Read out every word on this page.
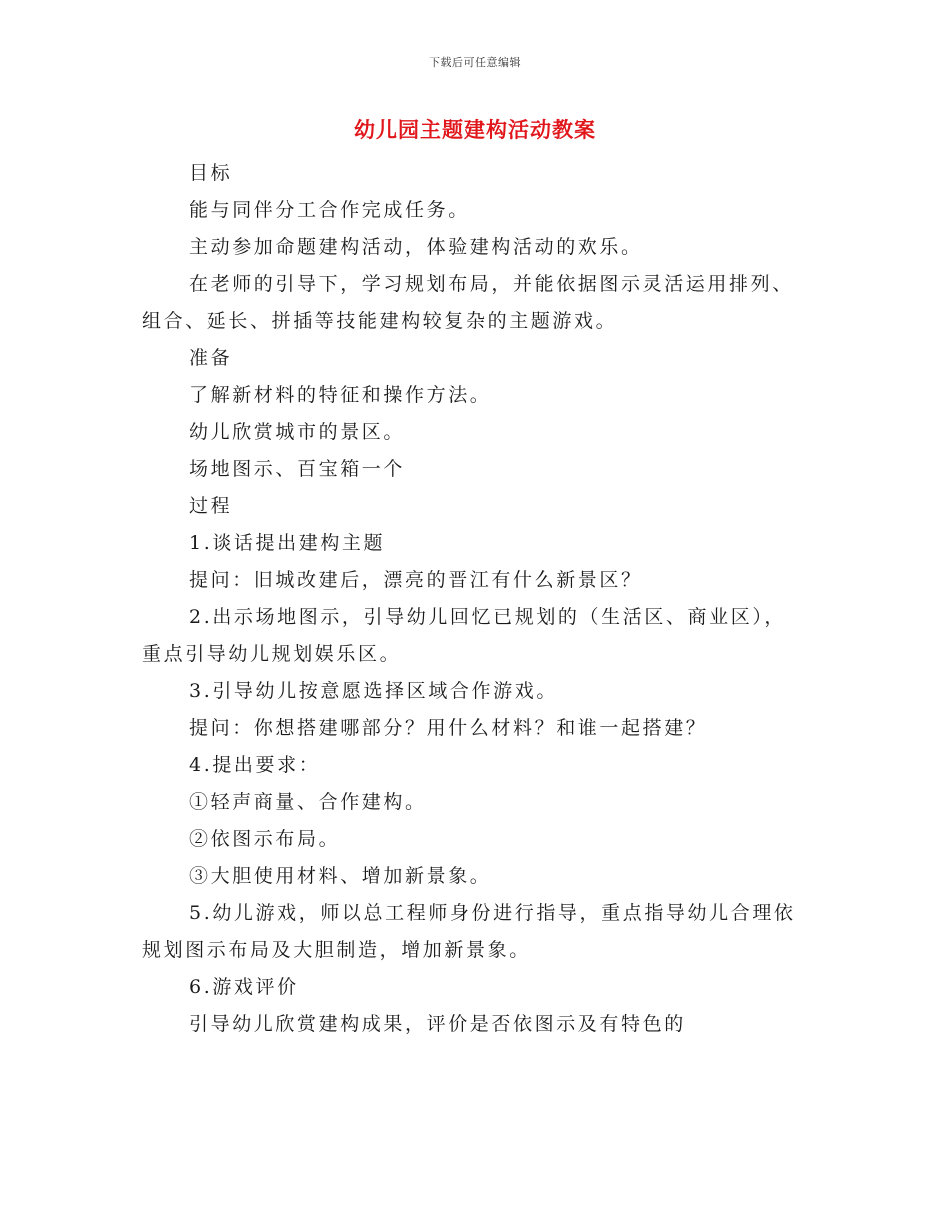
下载后可任意编辑
幼儿园主题建构活动教案

目标

能与同伴分工合作完成任务。

主动参加命题建构活动，体验建构活动的欢乐。

在老师的引导下，学习规划布局，并能依据图示灵活运用排列、组合、延长、拼插等技能建构较复杂的主题游戏。

准备

了解新材料的特征和操作方法。

幼儿欣赏城市的景区。

场地图示、百宝箱一个

过程

1.谈话提出建构主题

提问：旧城改建后，漂亮的晋江有什么新景区？

2.出示场地图示，引导幼儿回忆已规划的（生活区、商业区），重点引导幼儿规划娱乐区。

3.引导幼儿按意愿选择区域合作游戏。

提问：你想搭建哪部分？用什么材料？和谁一起搭建？

4.提出要求：

①轻声商量、合作建构。

②依图示布局。

③大胆使用材料、增加新景象。

5.幼儿游戏，师以总工程师身份进行指导，重点指导幼儿合理依规划图示布局及大胆制造，增加新景象。

6.游戏评价

引导幼儿欣赏建构成果，评价是否依图示及有特色的
